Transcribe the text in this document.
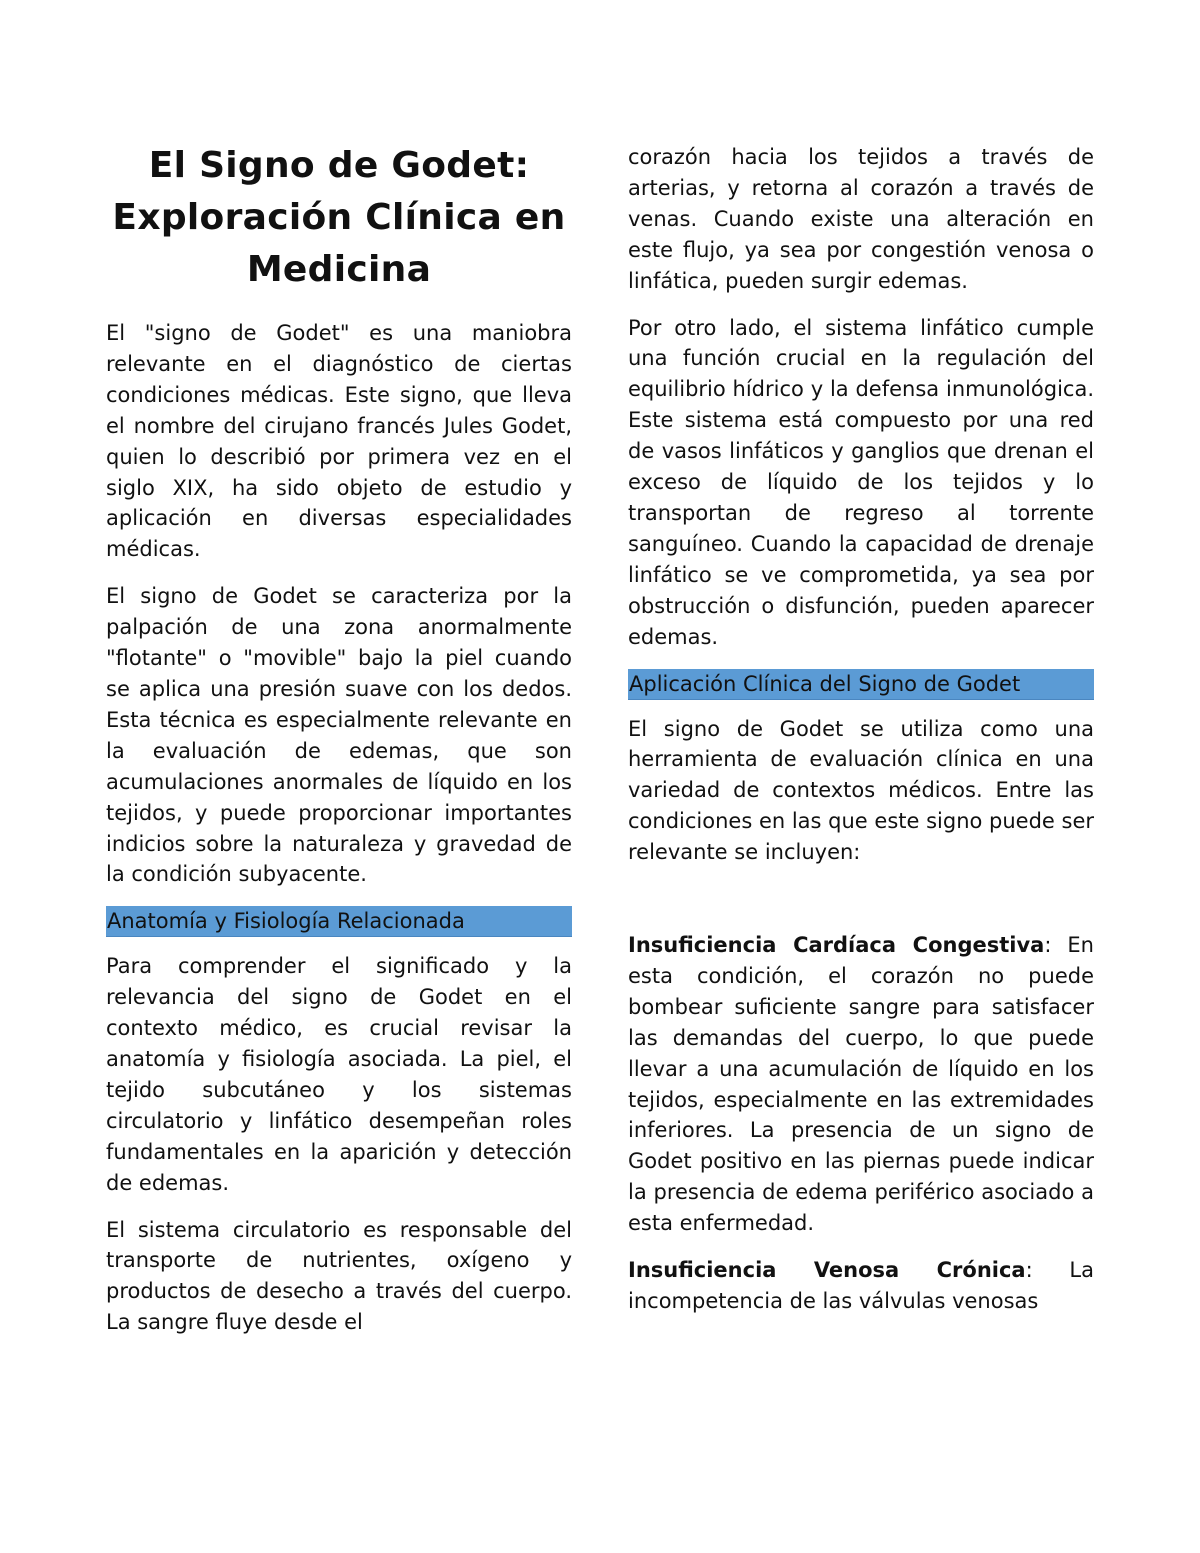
El Signo de Godet: Exploración Clínica en Medicina

El "signo de Godet" es una maniobra relevante en el diagnóstico de ciertas condiciones médicas. Este signo, que lleva el nombre del cirujano francés Jules Godet, quien lo describió por primera vez en el siglo XIX, ha sido objeto de estudio y aplicación en diversas especialidades médicas.

El signo de Godet se caracteriza por la palpación de una zona anormalmente "flotante" o "movible" bajo la piel cuando se aplica una presión suave con los dedos. Esta técnica es especialmente relevante en la evaluación de edemas, que son acumulaciones anormales de líquido en los tejidos, y puede proporcionar importantes indicios sobre la naturaleza y gravedad de la condición subyacente.

Anatomía y Fisiología Relacionada

Para comprender el significado y la relevancia del signo de Godet en el contexto médico, es crucial revisar la anatomía y fisiología asociada. La piel, el tejido subcutáneo y los sistemas circulatorio y linfático desempeñan roles fundamentales en la aparición y detección de edemas.

El sistema circulatorio es responsable del transporte de nutrientes, oxígeno y productos de desecho a través del cuerpo. La sangre fluye desde el

corazón hacia los tejidos a través de arterias, y retorna al corazón a través de venas. Cuando existe una alteración en este flujo, ya sea por congestión venosa o linfática, pueden surgir edemas.

Por otro lado, el sistema linfático cumple una función crucial en la regulación del equilibrio hídrico y la defensa inmunológica. Este sistema está compuesto por una red de vasos linfáticos y ganglios que drenan el exceso de líquido de los tejidos y lo transportan de regreso al torrente sanguíneo. Cuando la capacidad de drenaje linfático se ve comprometida, ya sea por obstrucción o disfunción, pueden aparecer edemas.

Aplicación Clínica del Signo de Godet

El signo de Godet se utiliza como una herramienta de evaluación clínica en una variedad de contextos médicos. Entre las condiciones en las que este signo puede ser relevante se incluyen:

Insuficiencia Cardíaca Congestiva: En esta condición, el corazón no puede bombear suficiente sangre para satisfacer las demandas del cuerpo, lo que puede llevar a una acumulación de líquido en los tejidos, especialmente en las extremidades inferiores. La presencia de un signo de Godet positivo en las piernas puede indicar la presencia de edema periférico asociado a esta enfermedad.

Insuficiencia Venosa Crónica: La incompetencia de las válvulas venosas
